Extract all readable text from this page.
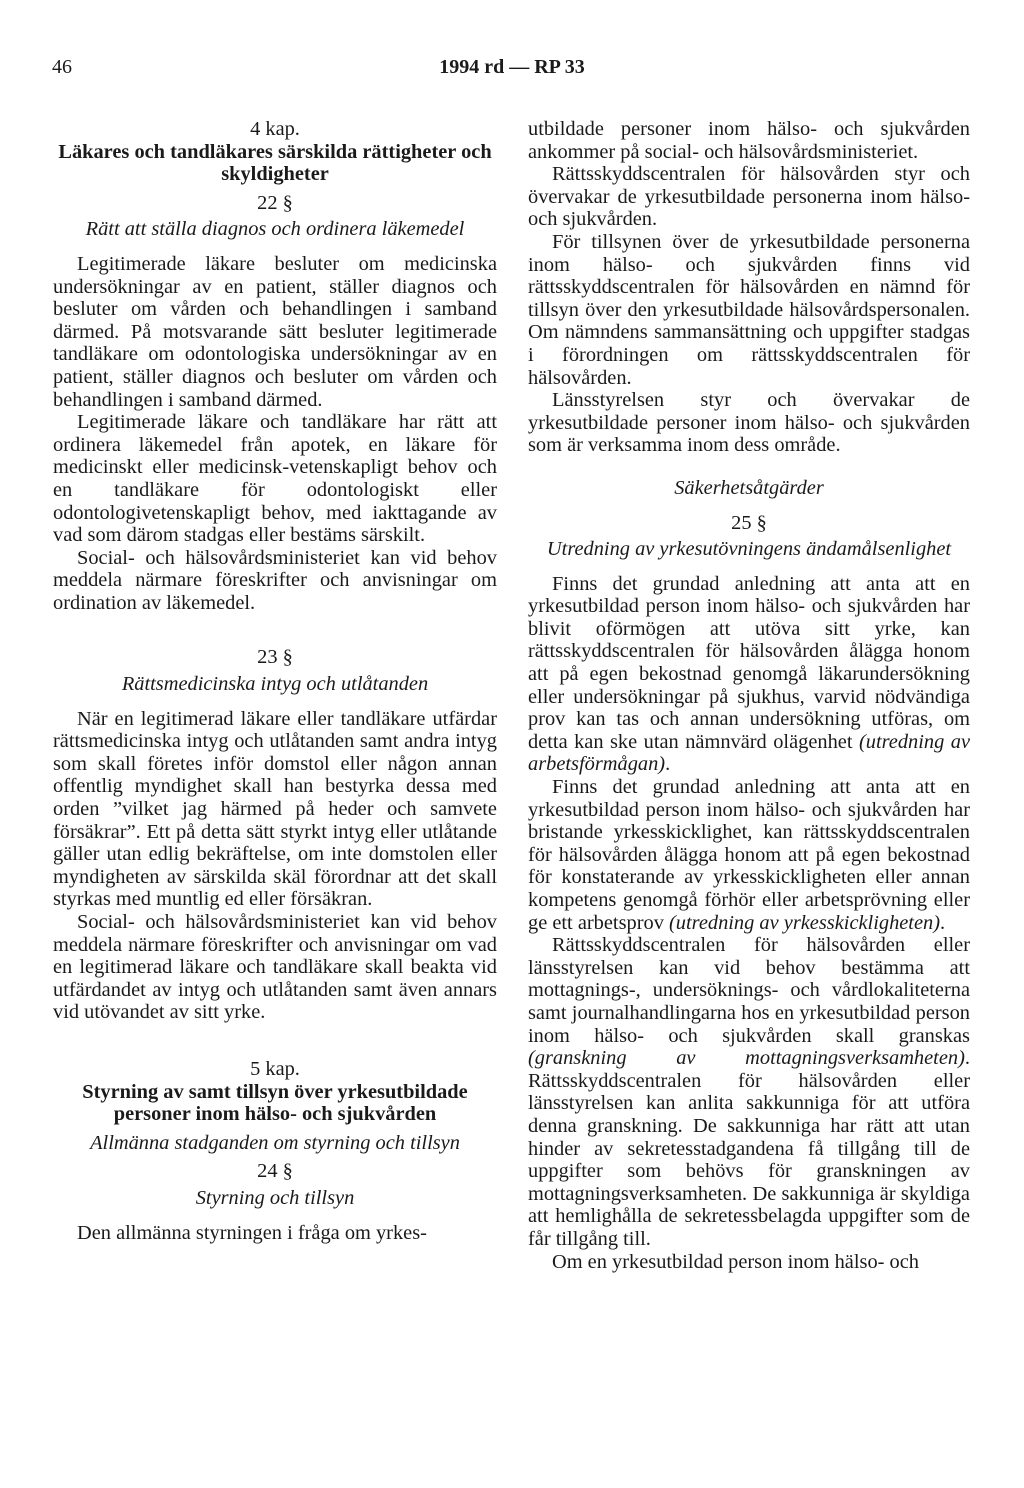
46	1994 rd — RP 33
4 kap.
Läkares och tandläkares särskilda rättigheter och skyldigheter
22 §
Rätt att ställa diagnos och ordinera läkemedel

Legitimerade läkare besluter om medicinska undersökningar av en patient, ställer diagnos och besluter om vården och behandlingen i samband därmed. På motsvarande sätt besluter legitimerade tandläkare om odontologiska undersökningar av en patient, ställer diagnos och besluter om vården och behandlingen i samband därmed.

Legitimerade läkare och tandläkare har rätt att ordinera läkemedel från apotek, en läkare för medicinskt eller medicinsk-vetenskapligt behov och en tandläkare för odontologiskt eller odontologivetenskapligt behov, med iakttagande av vad som därom stadgas eller bestäms särskilt.

Social- och hälsovårdsministeriet kan vid behov meddela närmare föreskrifter och anvisningar om ordination av läkemedel.

23 §
Rättsmedicinska intyg och utlåtanden

När en legitimerad läkare eller tandläkare utfärdar rättsmedicinska intyg och utlåtanden samt andra intyg som skall företes inför domstol eller någon annan offentlig myndighet skall han bestyrka dessa med orden ”vilket jag härmed på heder och samvete försäkrar”. Ett på detta sätt styrkt intyg eller utlåtande gäller utan edlig bekräftelse, om inte domstolen eller myndigheten av särskilda skäl förordnar att det skall styrkas med muntlig ed eller försäkran.

Social- och hälsovårdsministeriet kan vid behov meddela närmare föreskrifter och anvisningar om vad en legitimerad läkare och tandläkare skall beakta vid utfärdandet av intyg och utlåtanden samt även annars vid utövandet av sitt yrke.

5 kap.
Styrning av samt tillsyn över yrkesutbildade personer inom hälso- och sjukvården
Allmänna stadganden om styrning och tillsyn
24 §
Styrning och tillsyn

Den allmänna styrningen i fråga om yrkes-

utbildade personer inom hälso- och sjukvården ankommer på social- och hälsovårdsministeriet.

Rättsskyddscentralen för hälsovården styr och övervakar de yrkesutbildade personerna inom hälso- och sjukvården.

För tillsynen över de yrkesutbildade personerna inom hälso- och sjukvården finns vid rättsskyddscentralen för hälsovården en nämnd för tillsyn över den yrkesutbildade hälsovårdspersonalen. Om nämndens sammansättning och uppgifter stadgas i förordningen om rättsskyddscentralen för hälsovården.

Länsstyrelsen styr och övervakar de yrkesutbildade personer inom hälso- och sjukvården som är verksamma inom dess område.

Säkerhetsåtgärder
25 §
Utredning av yrkesutövningens ändamålsenlighet

Finns det grundad anledning att anta att en yrkesutbildad person inom hälso- och sjukvården har blivit oförmögen att utöva sitt yrke, kan rättsskyddscentralen för hälsovården ålägga honom att på egen bekostnad genomgå läkarundersökning eller undersökningar på sjukhus, varvid nödvändiga prov kan tas och annan undersökning utföras, om detta kan ske utan nämnvärd olägenhet (utredning av arbetsförmågan).

Finns det grundad anledning att anta att en yrkesutbildad person inom hälso- och sjukvården har bristande yrkesskicklighet, kan rättsskyddscentralen för hälsovården ålägga honom att på egen bekostnad för konstaterande av yrkesskickligheten eller annan kompetens genomgå förhör eller arbetsprövning eller ge ett arbetsprov (utredning av yrkesskickligheten).

Rättsskyddscentralen för hälsovården eller länsstyrelsen kan vid behov bestämma att mottagnings-, undersöknings- och vårdlokaliteterna samt journalhandlingarna hos en yrkesutbildad person inom hälso- och sjukvården skall granskas (granskning av mottagningsverksamheten). Rättsskyddscentralen för hälsovården eller länsstyrelsen kan anlita sakkunniga för att utföra denna granskning. De sakkunniga har rätt att utan hinder av sekretesstadgandena få tillgång till de uppgifter som behövs för granskningen av mottagningsverksamheten. De sakkunniga är skyldiga att hemlighålla de sekretessbelagda uppgifter som de får tillgång till.

Om en yrkesutbildad person inom hälso- och
